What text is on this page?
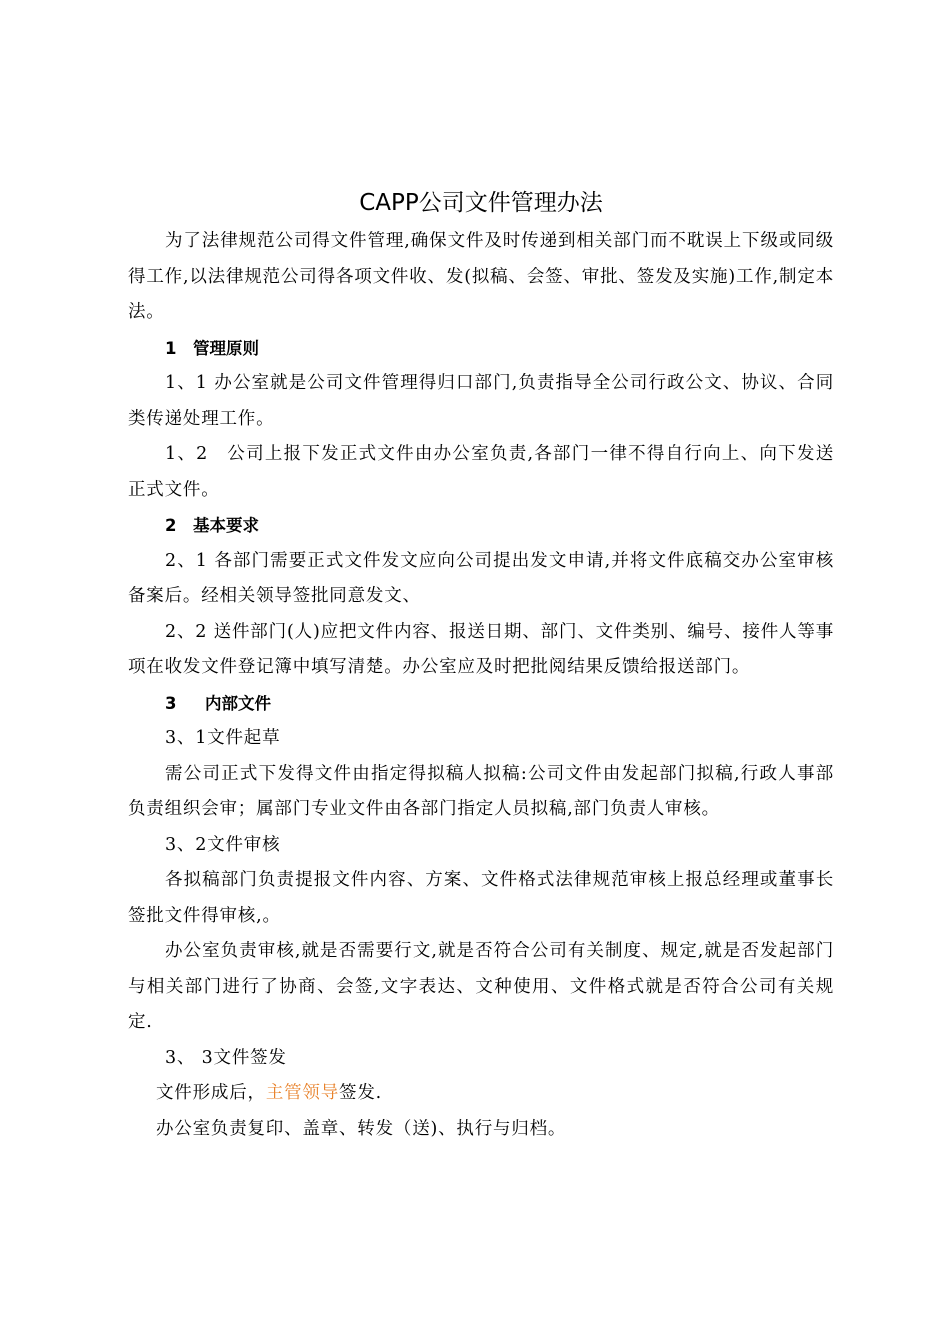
CAPP公司文件管理办法

为了法律规范公司得文件管理,确保文件及时传递到相关部门而不耽误上下级或同级得工作,以法律规范公司得各项文件收、发(拟稿、会签、审批、签发及实施)工作,制定本法。

1 管理原则

1、1 办公室就是公司文件管理得归口部门,负责指导全公司行政公文、协议、合同类传递处理工作。

1、2　公司上报下发正式文件由办公室负责,各部门一律不得自行向上、向下发送正式文件。

2 基本要求

2、1 各部门需要正式文件发文应向公司提出发文申请,并将文件底稿交办公室审核备案后。经相关领导签批同意发文、

2、2 送件部门(人)应把文件内容、报送日期、部门、文件类别、编号、接件人等事项在收发文件登记簿中填写清楚。办公室应及时把批阅结果反馈给报送部门。

3 内部文件
3、1文件起草

需公司正式下发得文件由指定得拟稿人拟稿:公司文件由发起部门拟稿,行政人事部负责组织会审；属部门专业文件由各部门指定人员拟稿,部门负责人审核。

3、2文件审核

各拟稿部门负责提报文件内容、方案、文件格式法律规范审核上报总经理或董事长签批文件得审核,。

办公室负责审核,就是否需要行文,就是否符合公司有关制度、规定,就是否发起部门与相关部门进行了协商、会签,文字表达、文种使用、文件格式就是否符合公司有关规定.

3、 3文件签发

文件形成后，主管领导签发.

办公室负责复印、盖章、转发（送)、执行与归档。
